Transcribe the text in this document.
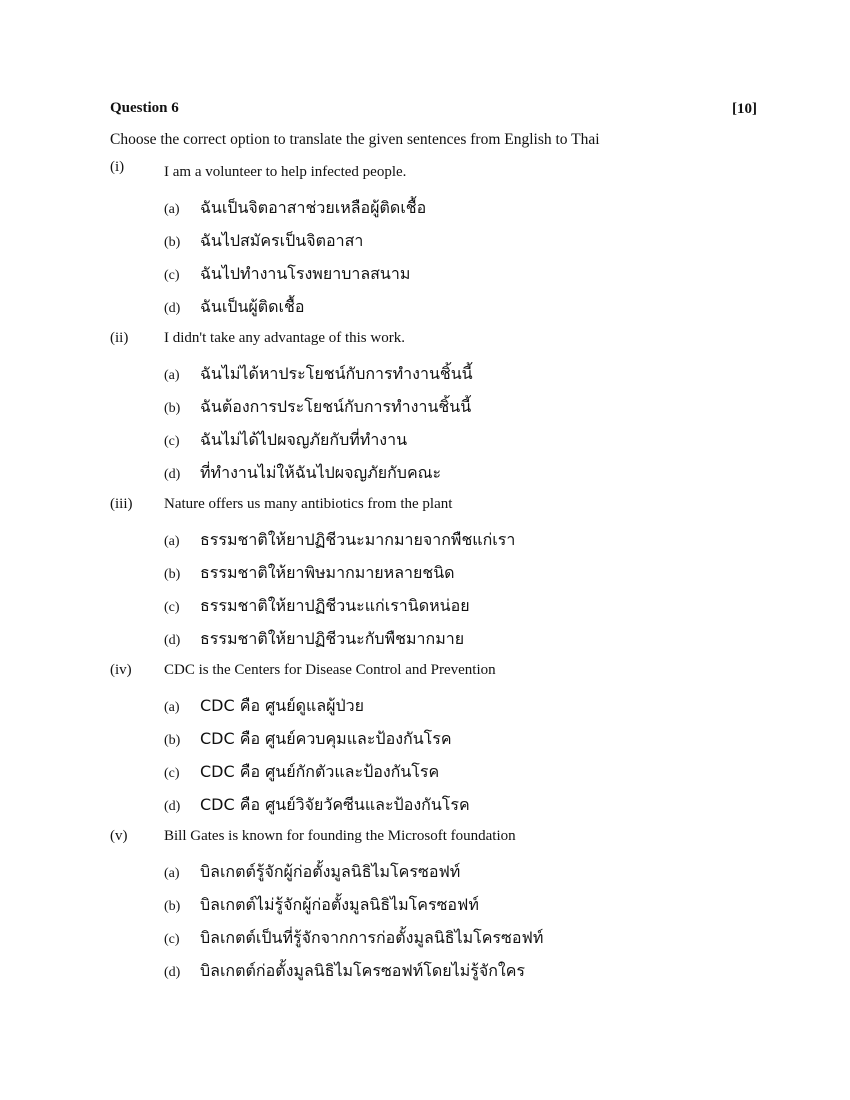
Question 6	[10]
Choose the correct option to translate the given sentences from English to Thai
(i)	I am a volunteer to help infected people.
(a) ฉันเป็นจิตอาสาช่วยเหลือผู้ติดเชื้อ
(b) ฉันไปสมัครเป็นจิตอาสา
(c) ฉันไปทำงานโรงพยาบาลสนาม
(d) ฉันเป็นผู้ติดเชื้อ
(ii) I didn't take any advantage of this work.
(a) ฉันไม่ได้หาประโยชน์กับการทำงานชิ้นนี้
(b) ฉันต้องการประโยชน์กับการทำงานชิ้นนี้
(c) ฉันไม่ได้ไปผจญภัยกับที่ทำงาน
(d) ที่ทำงานไม่ให้ฉันไปผจญภัยกับคณะ
(iii) Nature offers us many antibiotics from the plant
(a) ธรรมชาติให้ยาปฏิชีวนะมากมายจากพืชแก่เรา
(b) ธรรมชาติให้ยาพิษมากมายหลายชนิด
(c) ธรรมชาติให้ยาปฏิชีวนะแก่เรานิดหน่อย
(d) ธรรมชาติให้ยาปฏิชีวนะกับพืชมากมาย
(iv) CDC is the Centers for Disease Control and Prevention
(a) CDC คือ ศูนย์ดูแลผู้ป่วย
(b) CDC คือ ศูนย์ควบคุมและป้องกันโรค
(c) CDC คือ ศูนย์กักตัวและป้องกันโรค
(d) CDC คือ ศูนย์วิจัยวัคซีนและป้องกันโรค
(v) Bill Gates is known for founding the Microsoft foundation
(a) บิลเกตต์รู้จักผู้ก่อตั้งมูลนิธิไมโครซอฟท์
(b) บิลเกตต์ไม่รู้จักผู้ก่อตั้งมูลนิธิไมโครซอฟท์
(c) บิลเกตต์เป็นที่รู้จักจากการก่อตั้งมูลนิธิไมโครซอฟท์
(d) บิลเกตต์ก่อตั้งมูลนิธิไมโครซอฟท์โดยไม่รู้จักใคร
